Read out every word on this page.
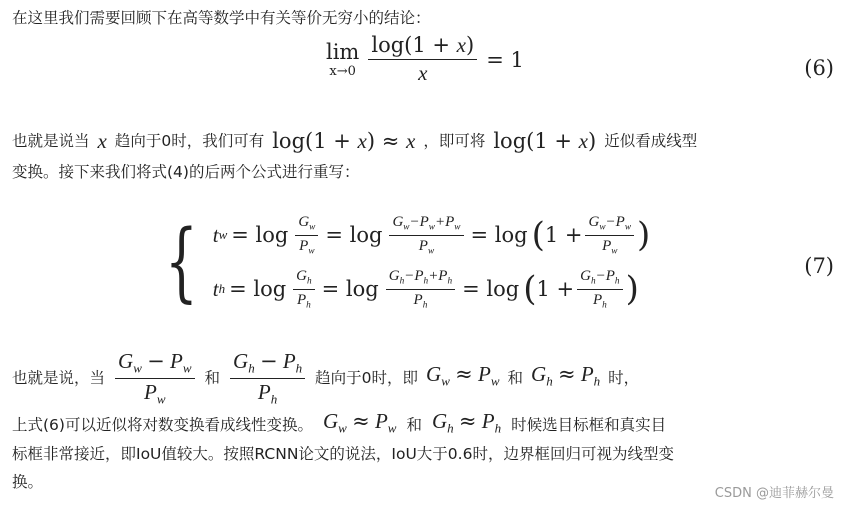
在这里我们需要回顾下在高等数学中有关等价无穷小的结论：
lim
$x\to 0 \frac{\log(1 + x)}{x} = 1$	(6)
也就是说当 x 趋向于0时，我们可有 log(1 + x) ≈ x ，即可将 log(1 + x) 近似看成线型
变换。接下来我们将式(4)的后两个公式进行重写：
{ t $w = \log \frac{G_w}{P_w} = \log \frac{G_w-P_w+P_w}{P_w} = \log$ ( $1 + \frac{G_w-P_w}{P_w}$ )
t $h = \log \frac{G_h}{P_h} = \log \frac{G_h-P_h+P_h}{P_h} = \log$ ( $1 + \frac{G_h-P_h}{P_h}$ )
(7)
也就是说，当 $\frac{G_w - P_w}{P_w}$ 和 $\frac{G_h - P_h}{P_h}$ 趋向于0时，即 $G_w \approx P_w$ 和 $G_h \approx P_h$ 时，
上式(6)可以近似将对数变换看成线性变换。 $G_w \approx P_w$ 和 $G_h \approx P_h$ 时候选目标框和真实目
标框非常接近，即IoU值较大。按照RCNN论文的说法，IoU大于0.6时，边界框回归可视为线型变
换。
CSDN @迪菲赫尔曼
